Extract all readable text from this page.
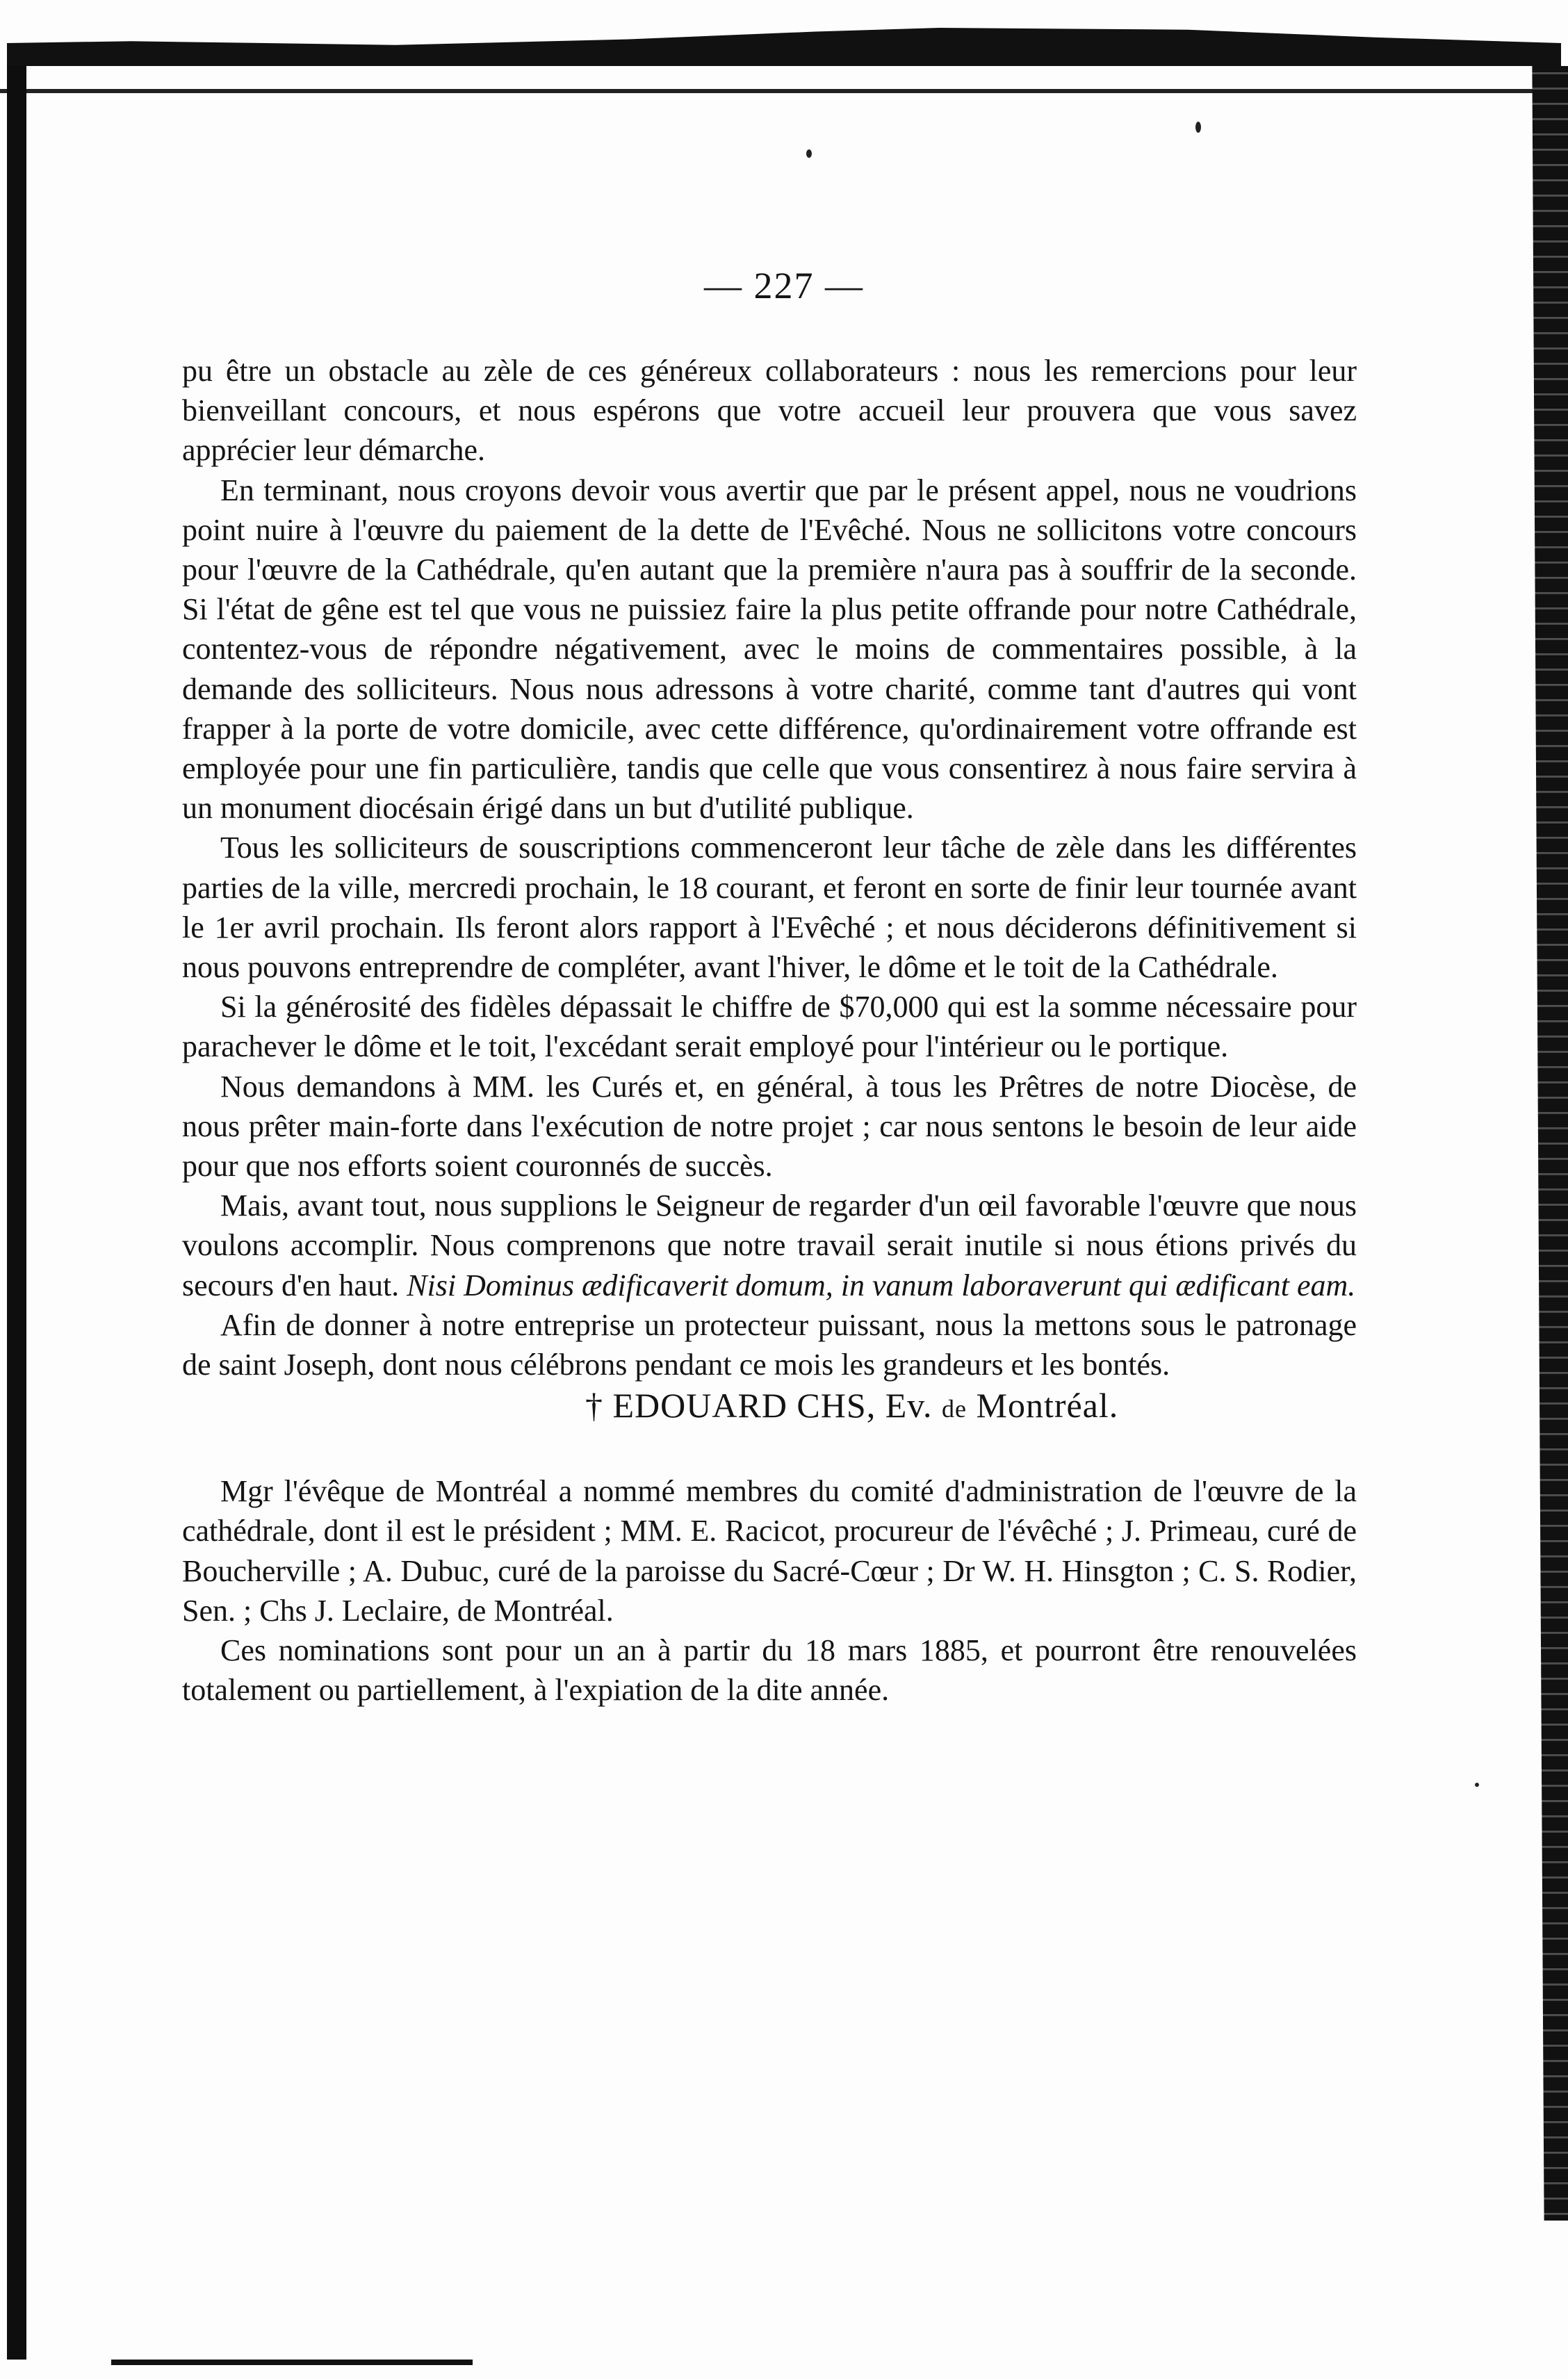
— 227 —

pu être un obstacle au zèle de ces généreux collaborateurs : nous les remercions pour leur bienveillant concours, et nous espérons que votre accueil leur prouvera que vous savez apprécier leur démarche.

En terminant, nous croyons devoir vous avertir que par le présent appel, nous ne voudrions point nuire à l'œuvre du paiement de la dette de l'Evêché. Nous ne sollicitons votre concours pour l'œuvre de la Cathédrale, qu'en autant que la première n'aura pas à souffrir de la seconde. Si l'état de gêne est tel que vous ne puissiez faire la plus petite offrande pour notre Cathédrale, contentez-vous de répondre négativement, avec le moins de commentaires possible, à la demande des solliciteurs. Nous nous adressons à votre charité, comme tant d'autres qui vont frapper à la porte de votre domicile, avec cette différence, qu'ordinairement votre offrande est employée pour une fin particulière, tandis que celle que vous consentirez à nous faire servira à un monument diocésain érigé dans un but d'utilité publique.

Tous les solliciteurs de souscriptions commenceront leur tâche de zèle dans les différentes parties de la ville, mercredi prochain, le 18 courant, et feront en sorte de finir leur tournée avant le 1er avril prochain. Ils feront alors rapport à l'Evêché ; et nous déciderons définitivement si nous pouvons entreprendre de compléter, avant l'hiver, le dôme et le toit de la Cathédrale.

Si la générosité des fidèles dépassait le chiffre de $70,000 qui est la somme nécessaire pour parachever le dôme et le toit, l'excédant serait employé pour l'intérieur ou le portique.

Nous demandons à MM. les Curés et, en général, à tous les Prêtres de notre Diocèse, de nous prêter main-forte dans l'exécution de notre projet ; car nous sentons le besoin de leur aide pour que nos efforts soient couronnés de succès.

Mais, avant tout, nous supplions le Seigneur de regarder d'un œil favorable l'œuvre que nous voulons accomplir. Nous comprenons que notre travail serait inutile si nous étions privés du secours d'en haut. Nisi Dominus ædificaverit domum, in vanum laboraverunt qui ædificant eam.

Afin de donner à notre entreprise un protecteur puissant, nous la mettons sous le patronage de saint Joseph, dont nous célébrons pendant ce mois les grandeurs et les bontés.

† EDOUARD CHS, Ev. de Montréal.

Mgr l'évêque de Montréal a nommé membres du comité d'administration de l'œuvre de la cathédrale, dont il est le président ; MM. E. Racicot, procureur de l'évêché ; J. Primeau, curé de Boucherville ; A. Dubuc, curé de la paroisse du Sacré-Cœur ; Dr W. H. Hinsgton ; C. S. Rodier, Sen. ; Chs J. Leclaire, de Montréal.

Ces nominations sont pour un an à partir du 18 mars 1885, et pourront être renouvelées totalement ou partiellement, à l'expiation de la dite année.
